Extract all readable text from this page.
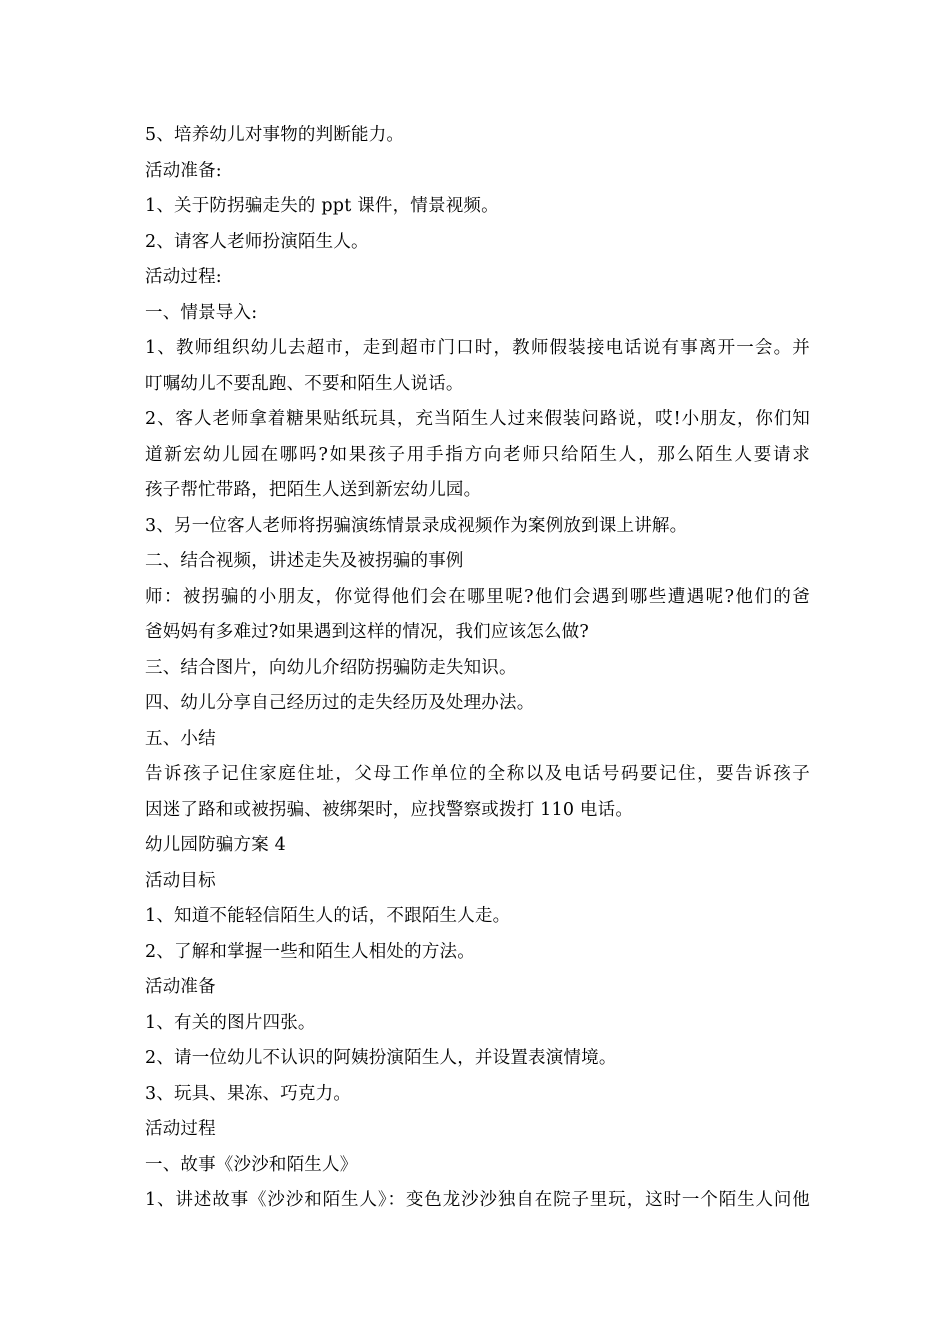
5、培养幼儿对事物的判断能力。
活动准备:
1、关于防拐骗走失的 ppt 课件，情景视频。
2、请客人老师扮演陌生人。
活动过程:
一、情景导入:
1、教师组织幼儿去超市，走到超市门口时，教师假装接电话说有事离开一会。并
叮嘱幼儿不要乱跑、不要和陌生人说话。
2、客人老师拿着糖果贴纸玩具，充当陌生人过来假装问路说，哎!小朋友，你们知
道新宏幼儿园在哪吗?如果孩子用手指方向老师只给陌生人，那么陌生人要请求
孩子帮忙带路，把陌生人送到新宏幼儿园。
3、另一位客人老师将拐骗演练情景录成视频作为案例放到课上讲解。
二、结合视频，讲述走失及被拐骗的事例
师：被拐骗的小朋友，你觉得他们会在哪里呢?他们会遇到哪些遭遇呢?他们的爸
爸妈妈有多难过?如果遇到这样的情况，我们应该怎么做?
三、结合图片，向幼儿介绍防拐骗防走失知识。
四、幼儿分享自己经历过的走失经历及处理办法。
五、小结
告诉孩子记住家庭住址，父母工作单位的全称以及电话号码要记住，要告诉孩子
因迷了路和或被拐骗、被绑架时，应找警察或拨打 110 电话。
幼儿园防骗方案 4
活动目标
1、知道不能轻信陌生人的话，不跟陌生人走。
2、了解和掌握一些和陌生人相处的方法。
活动准备
1、有关的图片四张。
2、请一位幼儿不认识的阿姨扮演陌生人，并设置表演情境。
3、玩具、果冻、巧克力。
活动过程
一、故事《沙沙和陌生人》
1、讲述故事《沙沙和陌生人》：变色龙沙沙独自在院子里玩，这时一个陌生人问他
